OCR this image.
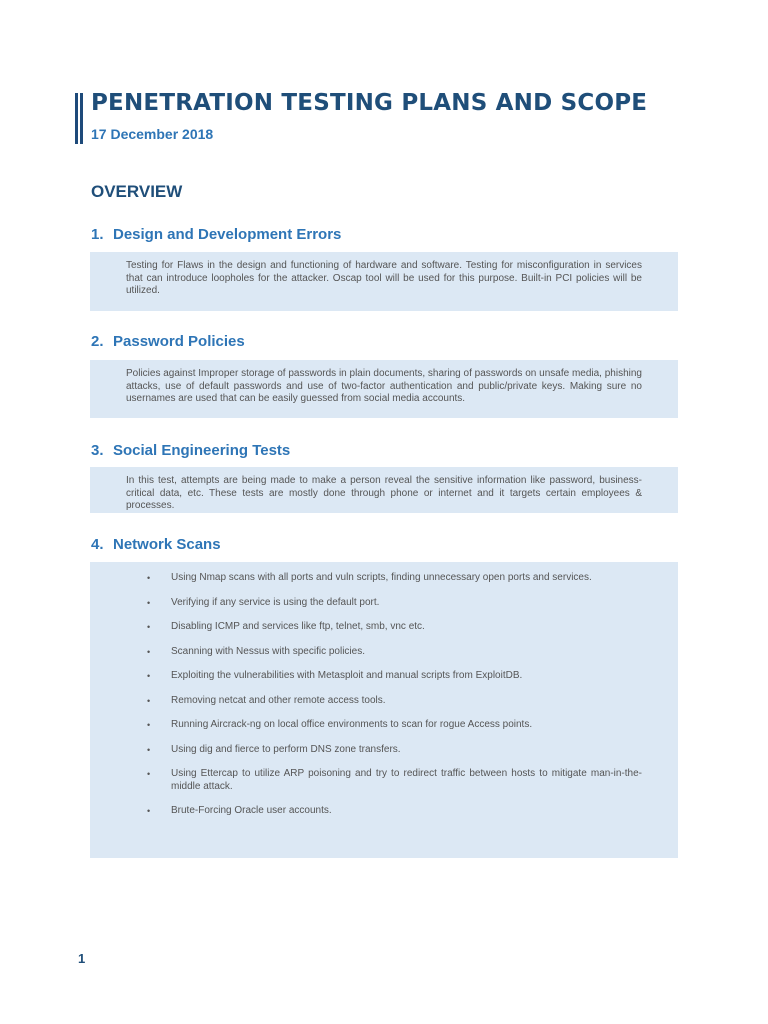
PENETRATION TESTING PLANS AND SCOPE

17 December 2018

OVERVIEW
1. Design and Development Errors

Testing for Flaws in the design and functioning of hardware and software. Testing for misconfiguration in services that can introduce loopholes for the attacker. Oscap tool will be used for this purpose. Built-in PCI policies will be utilized.

2. Password Policies

Policies against Improper storage of passwords in plain documents, sharing of passwords on unsafe media, phishing attacks, use of default passwords and use of two-factor authentication and public/private keys. Making sure no usernames are used that can be easily guessed from social media accounts.

3. Social Engineering Tests

In this test, attempts are being made to make a person reveal the sensitive information like password, business-critical data, etc. These tests are mostly done through phone or internet and it targets certain employees & processes.

4. Network Scans
• Using Nmap scans with all ports and vuln scripts, finding unnecessary open ports and services.
• Verifying if any service is using the default port.
• Disabling ICMP and services like ftp, telnet, smb, vnc etc.
• Scanning with Nessus with specific policies.
• Exploiting the vulnerabilities with Metasploit and manual scripts from ExploitDB.
• Removing netcat and other remote access tools.
• Running Aircrack-ng on local office environments to scan for rogue Access points.
• Using dig and fierce to perform DNS zone transfers.
• Using Ettercap to utilize ARP poisoning and try to redirect traffic between hosts to mitigate man-in-the-middle attack.
• Brute-Forcing Oracle user accounts.

1
